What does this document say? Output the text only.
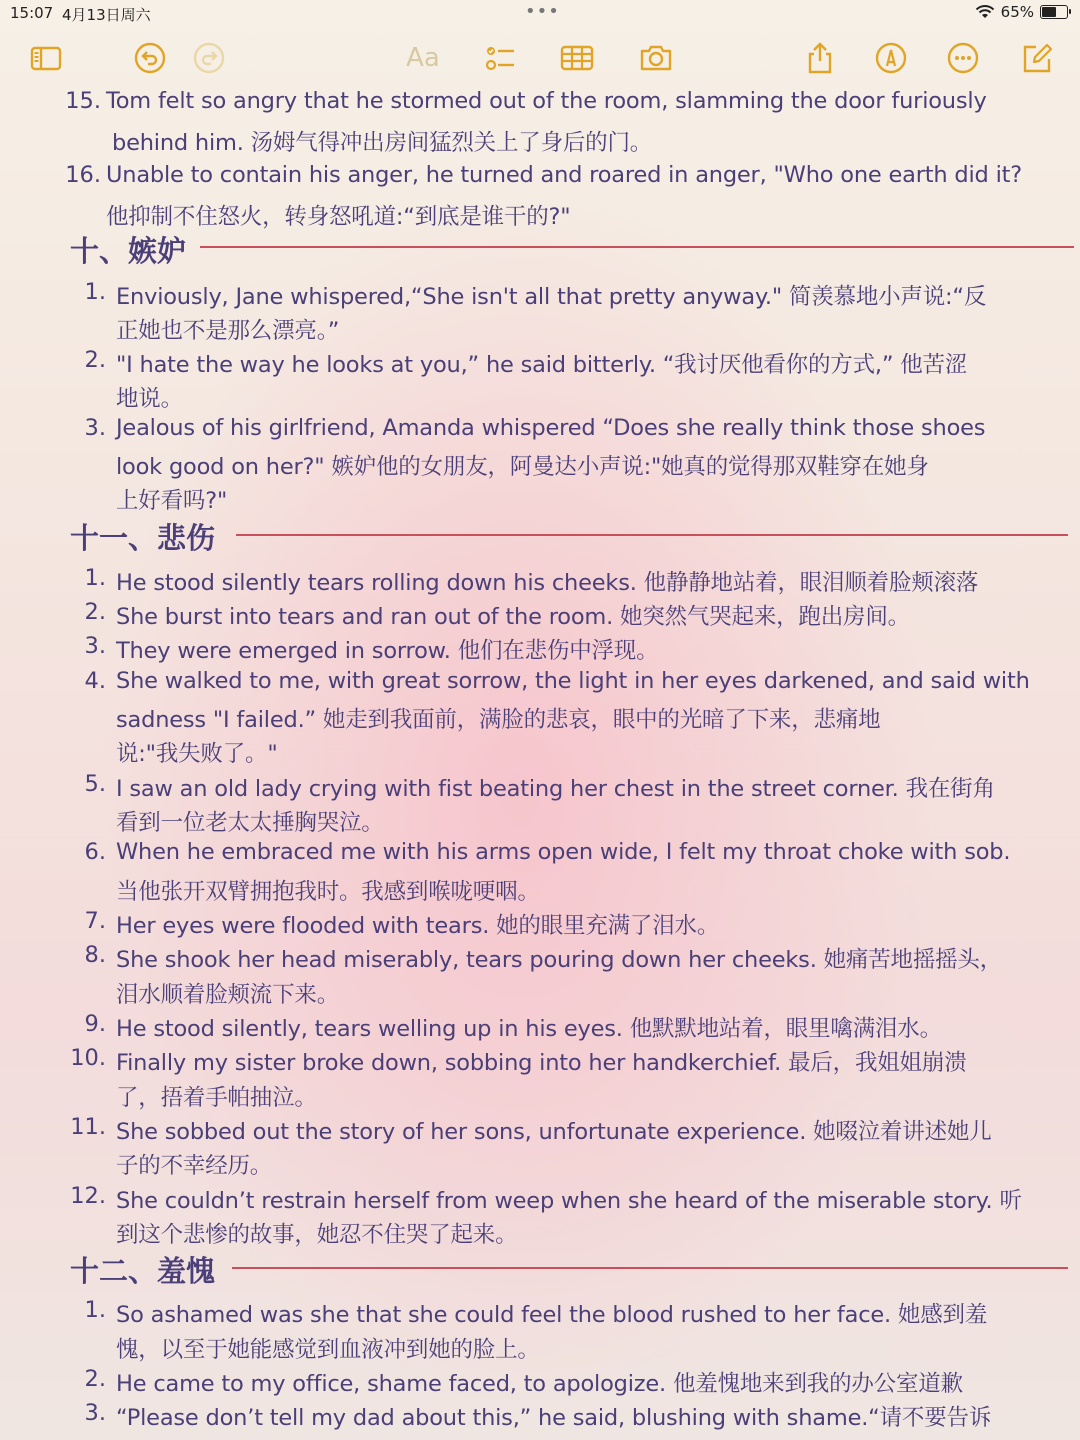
15:07 4月13日周六	•••	65%
Aa
15. Tom felt so angry that he stormed out of the room, slamming the door furiously
behind him. 汤姆气得冲出房间猛烈关上了身后的门。
16. Unable to contain his anger, he turned and roared in anger, "Who one earth did it?
他抑制不住怒火，转身怒吼道:“到底是谁干的?"
十、嫉妒
1. Enviously, Jane whispered,“She isn't all that pretty anyway." 简羡慕地小声说:“反
正她也不是那么漂亮。”
2. "I hate the way he looks at you,” he said bitterly. “我讨厌他看你的方式,” 他苦涩
地说。
3. Jealous of his girlfriend, Amanda whispered “Does she really think those shoes
look good on her?" 嫉妒他的女朋友，阿曼达小声说:"她真的觉得那双鞋穿在她身
上好看吗?"
十一、悲伤
1. He stood silently tears rolling down his cheeks. 他静静地站着，眼泪顺着脸颊滚落
2. She burst into tears and ran out of the room. 她突然气哭起来，跑出房间。
3. They were emerged in sorrow. 他们在悲伤中浮现。
4. She walked to me, with great sorrow, the light in her eyes darkened, and said with
sadness "I failed.” 她走到我面前，满脸的悲哀，眼中的光暗了下来，悲痛地
说:"我失败了。"
5. I saw an old lady crying with fist beating her chest in the street corner. 我在街角
看到一位老太太捶胸哭泣。
6. When he embraced me with his arms open wide, I felt my throat choke with sob.
当他张开双臂拥抱我时。我感到喉咙哽咽。
7. Her eyes were flooded with tears. 她的眼里充满了泪水。
8. She shook her head miserably, tears pouring down her cheeks. 她痛苦地摇摇头，
泪水顺着脸颊流下来。
9. He stood silently, tears welling up in his eyes. 他默默地站着，眼里噙满泪水。
10. Finally my sister broke down, sobbing into her handkerchief. 最后，我姐姐崩溃
了，捂着手帕抽泣。
11. She sobbed out the story of her sons, unfortunate experience. 她啜泣着讲述她儿
子的不幸经历。
12. She couldn’t restrain herself from weep when she heard of the miserable story. 听
到这个悲惨的故事，她忍不住哭了起来。
十二、羞愧
1. So ashamed was she that she could feel the blood rushed to her face. 她感到羞
愧，以至于她能感觉到血液冲到她的脸上。
2. He came to my office, shame faced, to apologize. 他羞愧地来到我的办公室道歉
3. “Please don’t tell my dad about this,” he said, blushing with shame.“请不要告诉
